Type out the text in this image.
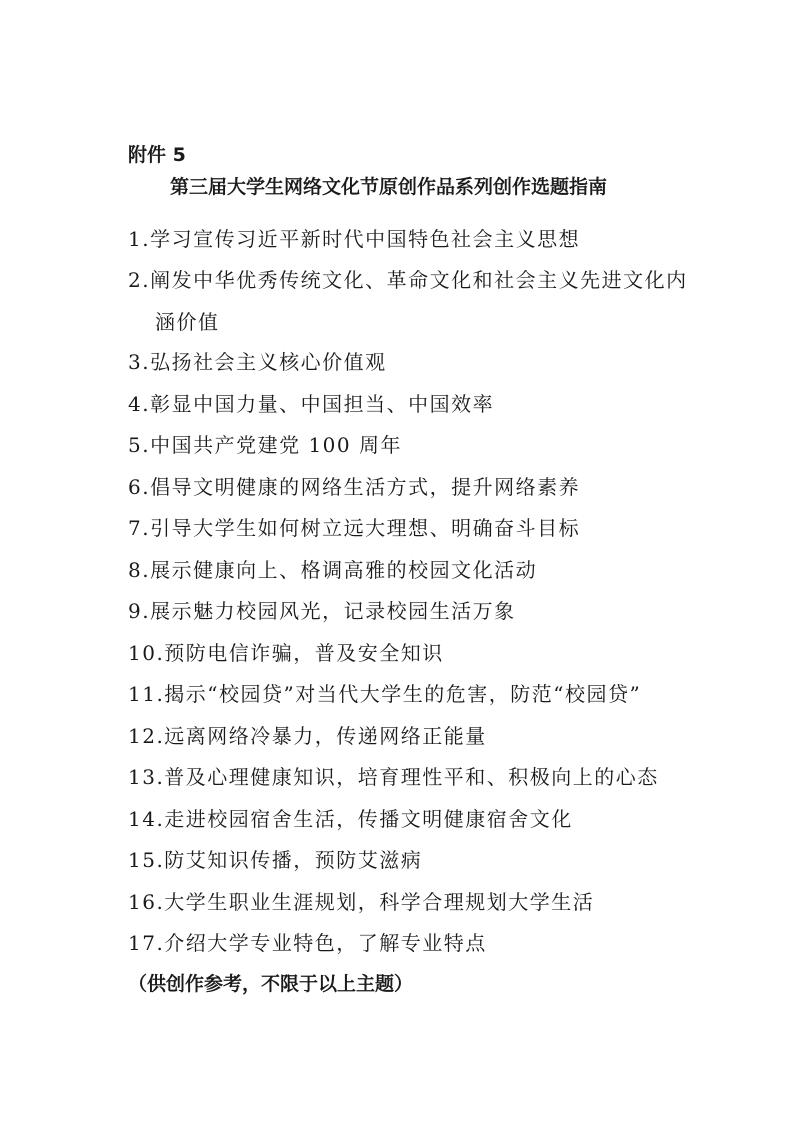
附件 5
第三届大学生网络文化节原创作品系列创作选题指南
1.学习宣传习近平新时代中国特色社会主义思想
2.阐发中华优秀传统文化、革命文化和社会主义先进文化内
涵价值
3.弘扬社会主义核心价值观
4.彰显中国力量、中国担当、中国效率
5.中国共产党建党 100 周年
6.倡导文明健康的网络生活方式，提升网络素养
7.引导大学生如何树立远大理想、明确奋斗目标
8.展示健康向上、格调高雅的校园文化活动
9.展示魅力校园风光，记录校园生活万象
10.预防电信诈骗，普及安全知识
11.揭示“校园贷”对当代大学生的危害，防范“校园贷”
12.远离网络冷暴力，传递网络正能量
13.普及心理健康知识，培育理性平和、积极向上的心态
14.走进校园宿舍生活，传播文明健康宿舍文化
15.防艾知识传播，预防艾滋病
16.大学生职业生涯规划，科学合理规划大学生活
17.介绍大学专业特色，了解专业特点
（供创作参考，不限于以上主题）
